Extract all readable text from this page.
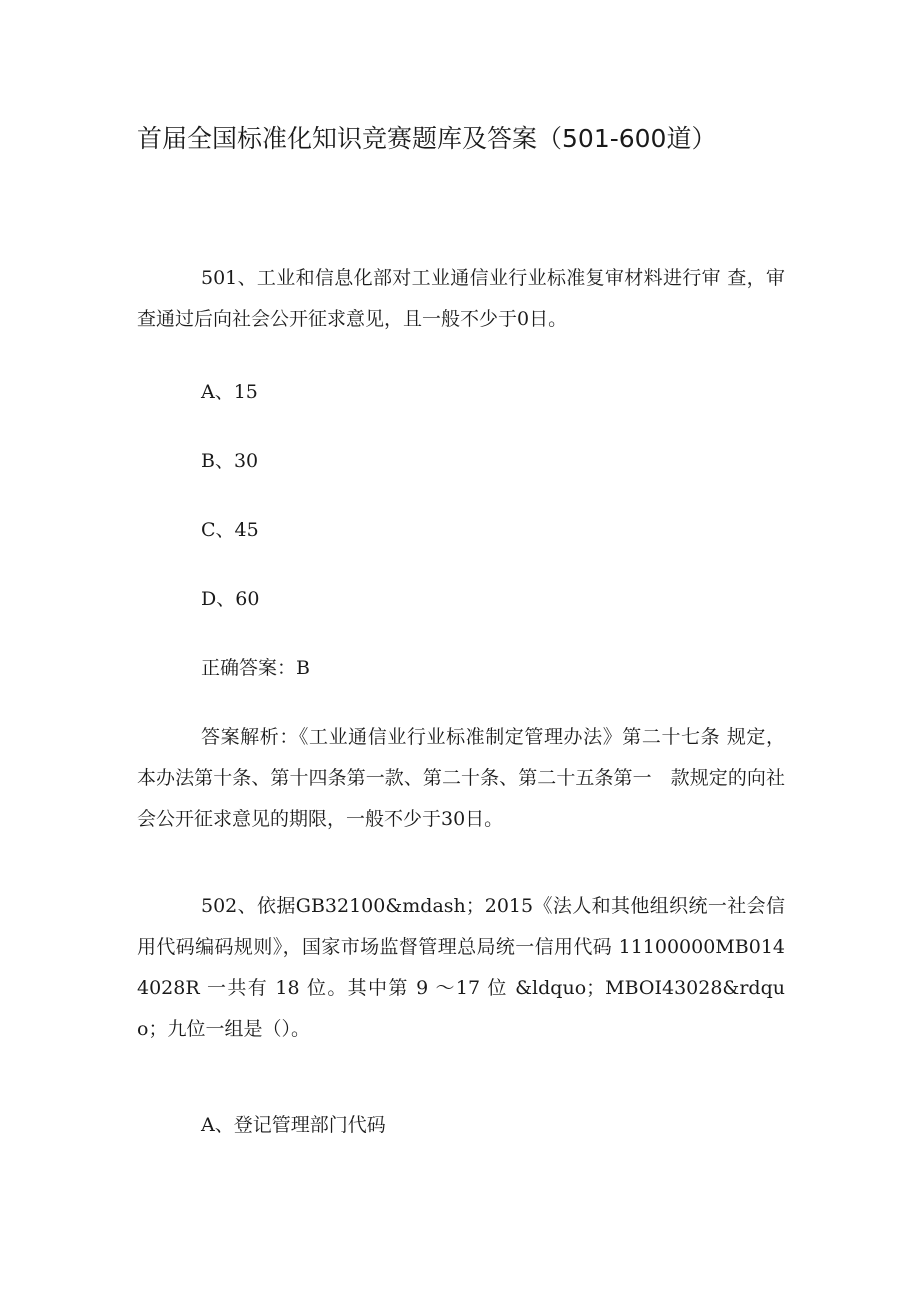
首届全国标准化知识竞赛题库及答案（501-600道）
501、工业和信息化部对工业通信业行业标准复审材料进行审 查，审查通过后向社会公开征求意见，且一般不少于0日。
A、15
B、30
C、45
D、60
正确答案：B
答案解析：《工业通信业行业标准制定管理办法》第二十七条 规定，本办法第十条、第十四条第一款、第二十条、第二十五条第一　款规定的向社会公开征求意见的期限，一般不少于30日。
502、依据GB32100&mdash；2015《法人和其他组织统一社会信 用代码编码规则》，国家市场监督管理总局统一信用代码 11100000MB0144028R 一共有 18 位。其中第 9 ～17 位 &ldquo；MBOI43028&rdquo；九位一组是（）。
A、登记管理部门代码
